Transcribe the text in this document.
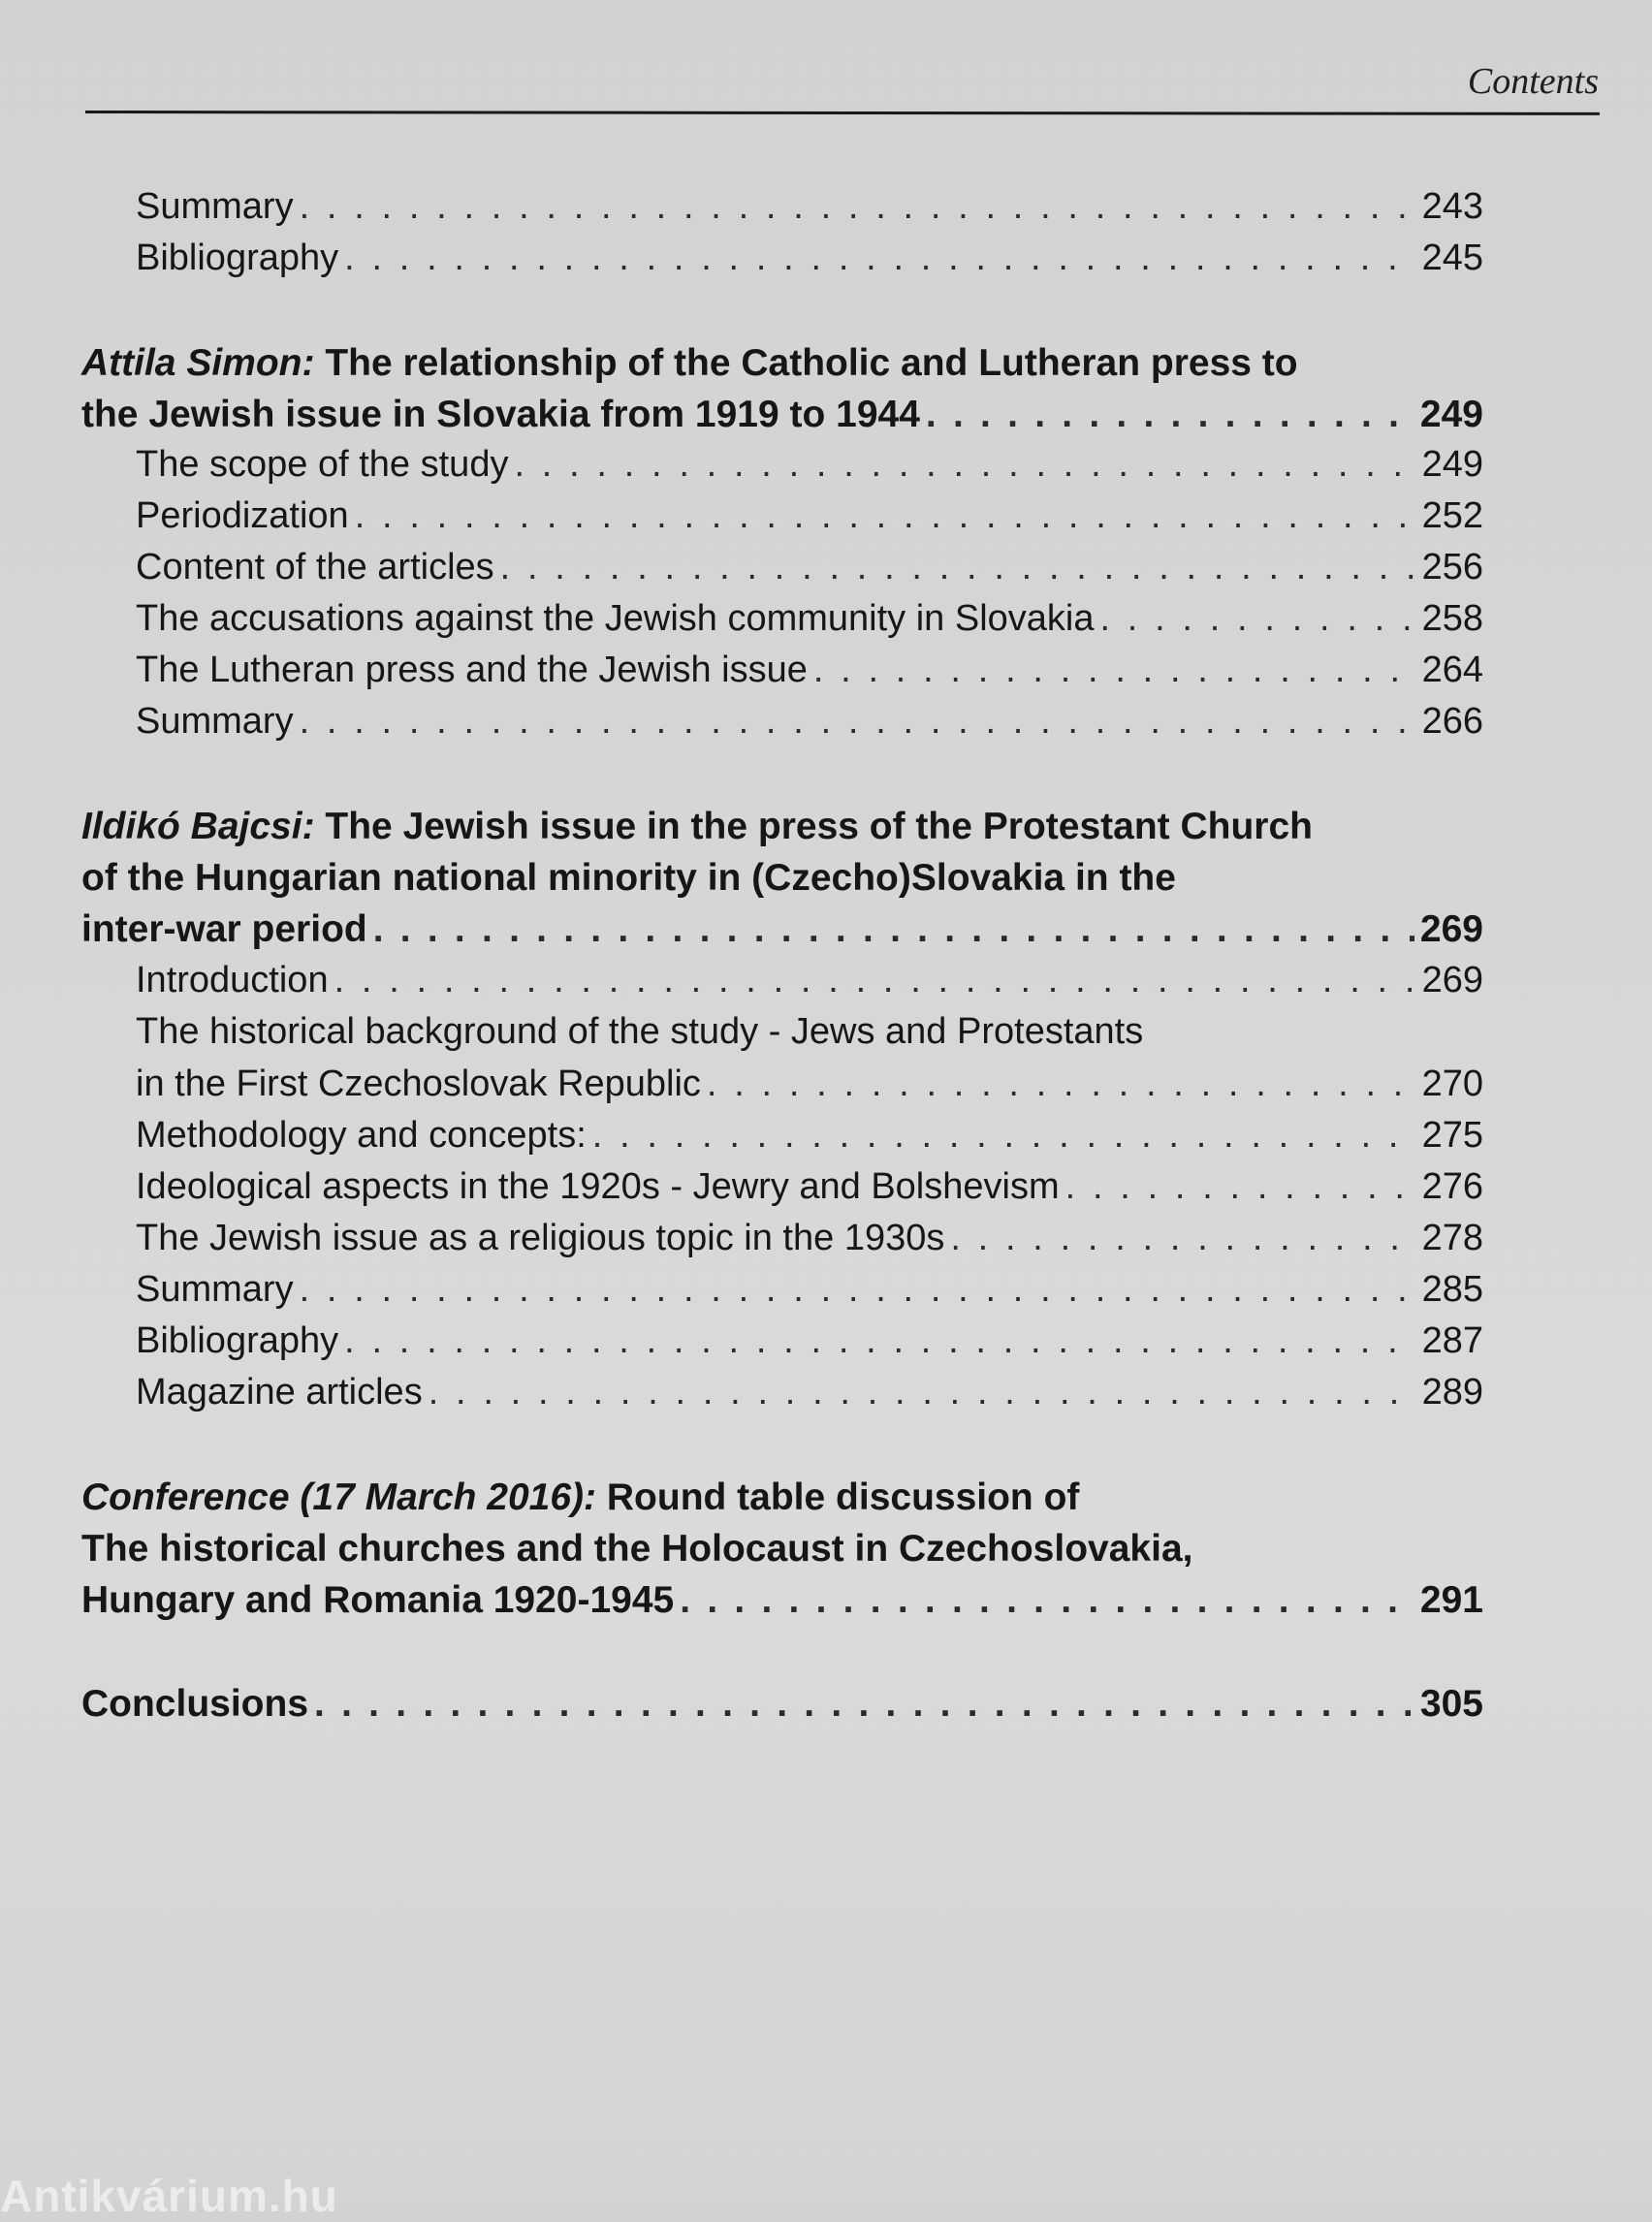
Contents
Summary . . .	243
Bibliography . . .	245
Attila Simon: The relationship of the Catholic and Lutheran press to
the Jewish issue in Slovakia from 1919 to 1944 . . .	249
The scope of the study . . .	249
Periodization . . .	252
Content of the articles . . .	256
The accusations against the Jewish community in Slovakia . . .	258
The Lutheran press and the Jewish issue . . .	264
Summary . . .	266
Ildikó Bajcsi: The Jewish issue in the press of the Protestant Church
of the Hungarian national minority in (Czecho)Slovakia in the
inter-war period . . .	269
Introduction . . .	269
The historical background of the study - Jews and Protestants
in the First Czechoslovak Republic . . .	270
Methodology and concepts: . . .	275
Ideological aspects in the 1920s - Jewry and Bolshevism . . .	276
The Jewish issue as a religious topic in the 1930s . . .	278
Summary . . .	285
Bibliography . . .	287
Magazine articles . . .	289
Conference (17 March 2016): Round table discussion of
The historical churches and the Holocaust in Czechoslovakia,
Hungary and Romania 1920-1945 . . .	291
Conclusions . . .	305
Antikvárium.hu
